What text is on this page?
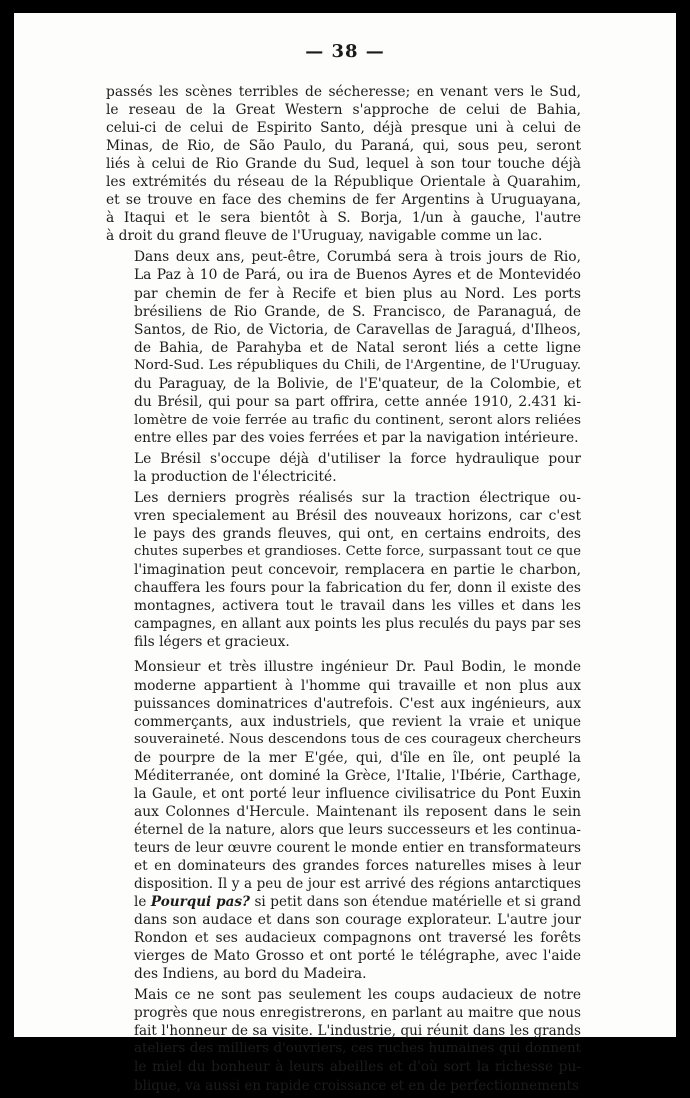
— 38 —
passés les scènes terribles de sécheresse; en venant vers le Sud,
le reseau de la Great Western s'approche de celui de Bahia,
celui-ci de celui de Espirito Santo, déjà presque uni à celui de
Minas, de Rio, de São Paulo, du Paraná, qui, sous peu, seront
liés à celui de Rio Grande du Sud, lequel à son tour touche déjà
les extrémités du réseau de la République Orientale à Quarahim,
et se trouve en face des chemins de fer Argentins à Uruguayana,
à Itaqui et le sera bientôt à S. Borja, 1/un à gauche, l'autre
à droit du grand fleuve de l'Uruguay, navigable comme un lac.
Dans deux ans, peut-être, Corumbá sera à trois jours de Rio,
La Paz à 10 de Pará, ou ira de Buenos Ayres et de Montevidéo
par chemin de fer à Recife et bien plus au Nord. Les ports
brésiliens de Rio Grande, de S. Francisco, de Paranaguá, de
Santos, de Rio, de Victoria, de Caravellas de Jaraguá, d'Ilheos,
de Bahia, de Parahyba et de Natal seront liés a cette ligne
Nord-Sud. Les républiques du Chili, de l'Argentine, de l'Uruguay.
du Paraguay, de la Bolivie, de l'E'quateur, de la Colombie, et
du Brésil, qui pour sa part offrira, cette année 1910, 2.431 ki-
lomètre de voie ferrée au trafic du continent, seront alors reliées
entre elles par des voies ferrées et par la navigation intérieure.
Le Brésil s'occupe déjà d'utiliser la force hydraulique pour
la production de l'électricité.
Les derniers progrès réalisés sur la traction électrique ou-
vren specialement au Brésil des nouveaux horizons, car c'est
le pays des grands fleuves, qui ont, en certains endroits, des
chutes superbes et grandioses. Cette force, surpassant tout ce que
l'imagination peut concevoir, remplacera en partie le charbon,
chauffera les fours pour la fabrication du fer, donn il existe des
montagnes, activera tout le travail dans les villes et dans les
campagnes, en allant aux points les plus reculés du pays par ses
fils légers et gracieux.
Monsieur et très illustre ingénieur Dr. Paul Bodin, le monde
moderne appartient à l'homme qui travaille et non plus aux
puissances dominatrices d'autrefois. C'est aux ingénieurs, aux
commerçants, aux industriels, que revient la vraie et unique
souveraineté. Nous descendons tous de ces courageux chercheurs
de pourpre de la mer E'gée, qui, d'île en île, ont peuplé la
Méditerranée, ont dominé la Grèce, l'Italie, l'Ibérie, Carthage,
la Gaule, et ont porté leur influence civilisatrice du Pont Euxin
aux Colonnes d'Hercule. Maintenant ils reposent dans le sein
éternel de la nature, alors que leurs successeurs et les continua-
teurs de leur œuvre courent le monde entier en transformateurs
et en dominateurs des grandes forces naturelles mises à leur
disposition. Il y a peu de jour est arrivé des régions antarctiques
le Pourqui pas? si petit dans son étendue matérielle et si grand
dans son audace et dans son courage explorateur. L'autre jour
Rondon et ses audacieux compagnons ont traversé les forêts
vierges de Mato Grosso et ont porté le télégraphe, avec l'aide
des Indiens, au bord du Madeira.
Mais ce ne sont pas seulement les coups audacieux de notre
progrès que nous enregistrerons, en parlant au maitre que nous
fait l'honneur de sa visite. L'industrie, qui réunit dans les grands
ateliers des milliers d'ouvriers, ces ruches humaines qui donnent
le miel du bonheur à leurs abeilles et d'où sort la richesse pu-
blique, va aussi en rapide croissance et en de perfectionnements
